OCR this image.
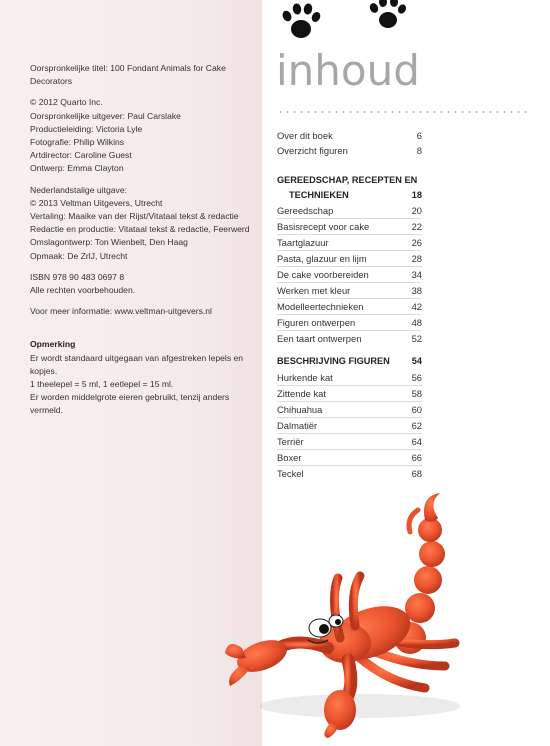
Oorspronkelijke titel: 100 Fondant Animals for Cake Decorators

© 2012 Quarto Inc.

Oorspronkelijke uitgever: Paul Carslake

Productieleiding: Victoria Lyle

Fotografie: Philip Wilkins

Artdirector: Caroline Guest

Ontwerp: Emma Clayton

Nederlandstalige uitgave:

© 2013 Veltman Uitgevers, Utrecht

Vertaling: Maaike van der Rijst/Vitataal tekst & redactie

Redactie en productie: Vitataal tekst & redactie, Feerwerd

Omslagontwerp: Ton Wienbelt, Den Haag

Opmaak: De ZrlJ, Utrecht

ISBN 978 90 483 0697 8

Alle rechten voorbehouden.

Voor meer informatie: www.veltman-uitgevers.nl

Opmerking

Er wordt standaard uitgegaan van afgestreken lepels en kopjes.

1 theelepel = 5 ml, 1 eetlepel = 15 ml.

Er worden middelgrote eieren gebruikt, tenzij anders vermeld.

inhoud
Over dit boek	6
Overzicht figuren	8
GEREEDSCHAP, RECEPTEN EN
TECHNIEKEN	18
Gereedschap	20
Basisrecept voor cake	22
Taartglazuur	26
Pasta, glazuur en lijm	28
De cake voorbereiden	34
Werken met kleur	38
Modelleertechnieken	42
Figuren ontwerpen	48
Een taart ontwerpen	52
BESCHRIJVING FIGUREN 54
Hurkende kat	56
Zittende kat	58
Chihuahua	60
Dalmatiër	62
Terriër	64
Boxer	66
Teckel	68
